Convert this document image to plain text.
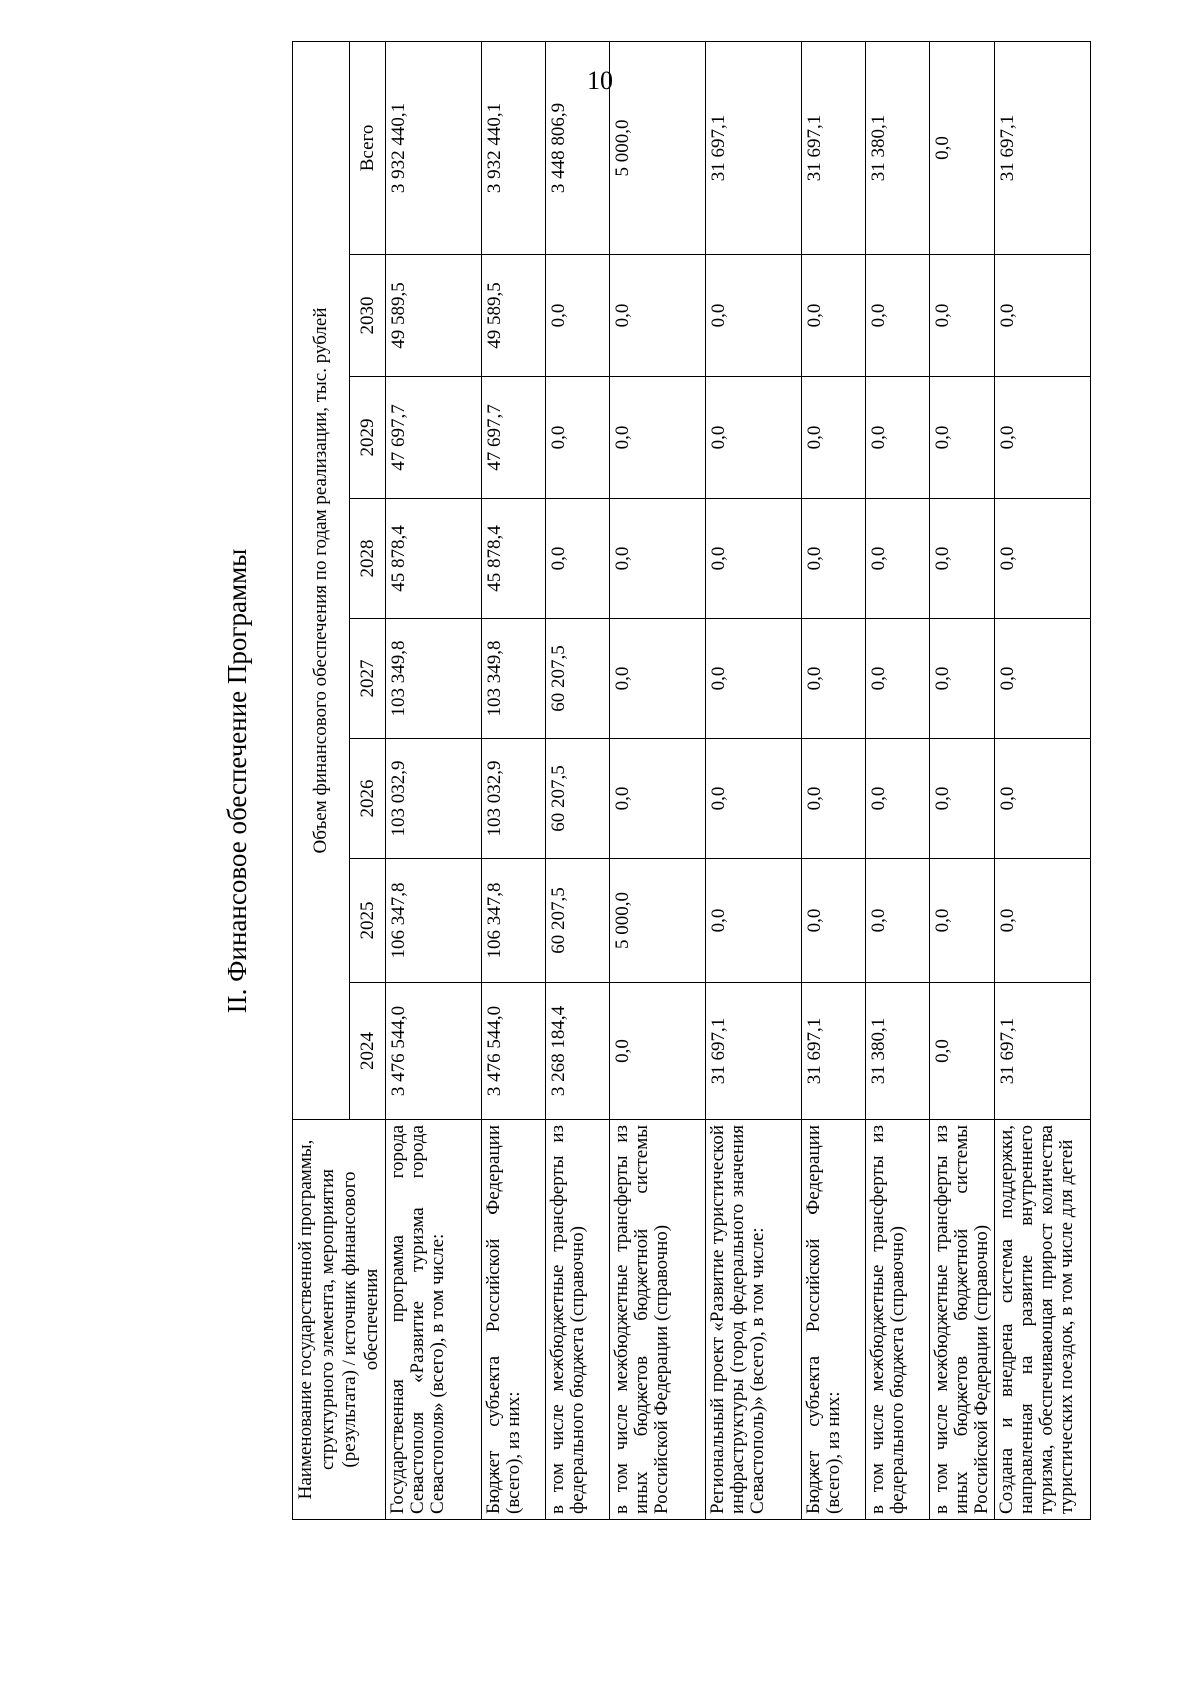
10
II. Финансовое обеспечение Программы
Наименование государственной программы, структурного элемента, мероприятия (результата) / источник финансового обеспечения	Объем финансового обеспечения по годам реализации, тыс. рублей							
	2024	2025	2026	2027	2028	2029	2030	Всего
Государственная программа города Севастополя «Развитие туризма города Севастополя» (всего), в том числе:	3 476 544,0	106 347,8	103 032,9	103 349,8	45 878,4	47 697,7	49 589,5	3 932 440,1
Бюджет субъекта Российской Федерации (всего), из них:	3 476 544,0	106 347,8	103 032,9	103 349,8	45 878,4	47 697,7	49 589,5	3 932 440,1
в том числе межбюджетные трансферты из федерального бюджета (справочно)	3 268 184,4	60 207,5	60 207,5	60 207,5	0,0	0,0	0,0	3 448 806,9
в том числе межбюджетные трансферты из иных бюджетов бюджетной системы Российской Федерации (справочно)	0,0	5 000,0	0,0	0,0	0,0	0,0	0,0	5 000,0
Региональный проект «Развитие туристической инфраструктуры (город федерального значения Севастополь)» (всего), в том числе:	31 697,1	0,0	0,0	0,0	0,0	0,0	0,0	31 697,1
Бюджет субъекта Российской Федерации (всего), из них:	31 697,1	0,0	0,0	0,0	0,0	0,0	0,0	31 697,1
в том числе межбюджетные трансферты из федерального бюджета (справочно)	31 380,1	0,0	0,0	0,0	0,0	0,0	0,0	31 380,1
в том числе межбюджетные трансферты из иных бюджетов бюджетной системы Российской Федерации (справочно)	0,0	0,0	0,0	0,0	0,0	0,0	0,0	0,0
Создана и внедрена система поддержки, направленная на развитие внутреннего туризма, обеспечивающая прирост количества туристических поездок, в том числе для детей	31 697,1	0,0	0,0	0,0	0,0	0,0	0,0	31 697,1
